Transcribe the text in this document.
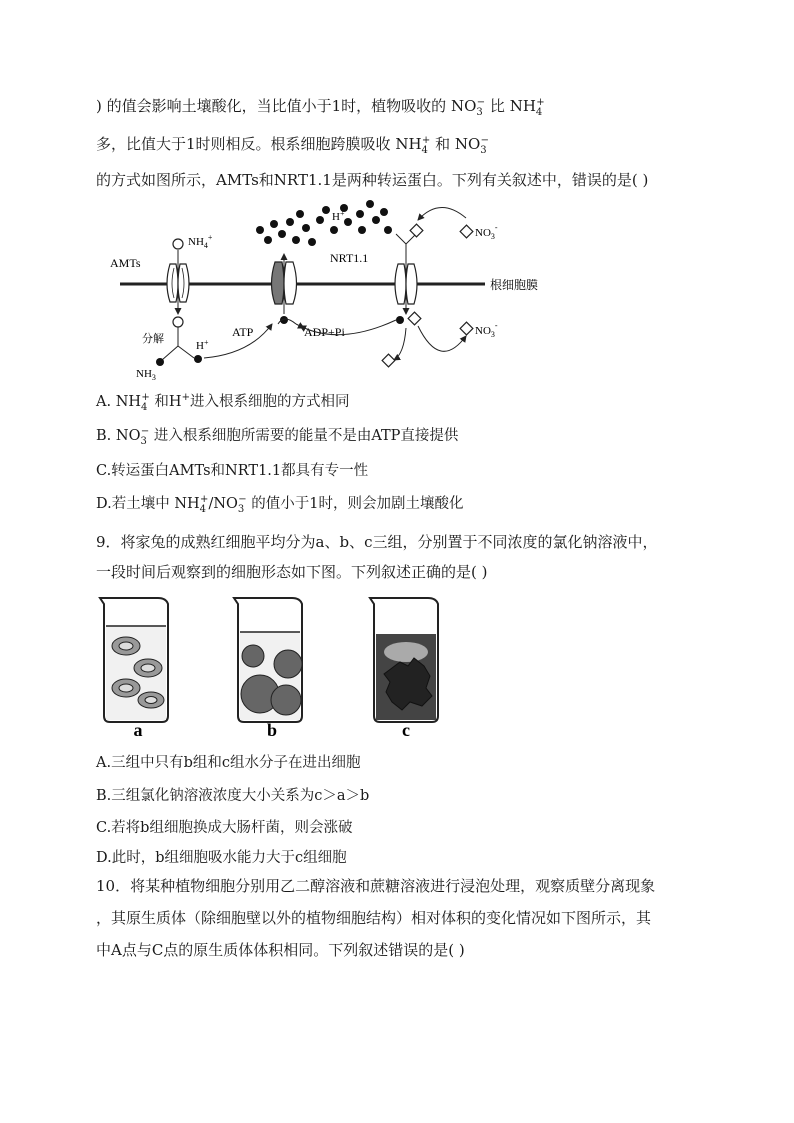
) 的值会影响土壤酸化，当比值小于1时，植物吸收的 $NO_3^-$ 比 $NH_4^+$
多，比值大于1时则相反。根系细胞跨膜吸收 $NH_4^+$ 和 $NO_3^-$
的方式如图所示，AMTs和NRT1.1是两种转运蛋白。下列有关叙述中，错误的是( )
根细胞膜
AMTs
$NH_4^+$
分解
$NH_3$
H+
ATP	ADP+Pi
H+
NRT1.1
$NO_3^-$
$NO_3^-$
A. $NH_4^+$ 和H+进入根系细胞的方式相同
B. $NO_3^-$ 进入根系细胞所需要的能量不是由ATP直接提供
C.转运蛋白AMTs和NRT1.1都具有专一性
D.若土壤中 $NH_4^+/NO_3^-$ 的值小于1时，则会加剧土壤酸化
9．将家兔的成熟红细胞平均分为a、b、c三组，分别置于不同浓度的氯化钠溶液中，
一段时间后观察到的细胞形态如下图。下列叙述正确的是( )
a	b	c
A.三组中只有b组和c组水分子在进出细胞
B.三组氯化钠溶液浓度大小关系为c＞a＞b
C.若将b组细胞换成大肠杆菌，则会涨破
D.此时，b组细胞吸水能力大于c组细胞
10．将某种植物细胞分别用乙二醇溶液和蔗糖溶液进行浸泡处理，观察质壁分离现象
，其原生质体（除细胞壁以外的植物细胞结构）相对体积的变化情况如下图所示，其
中A点与C点的原生质体体积相同。下列叙述错误的是( )
